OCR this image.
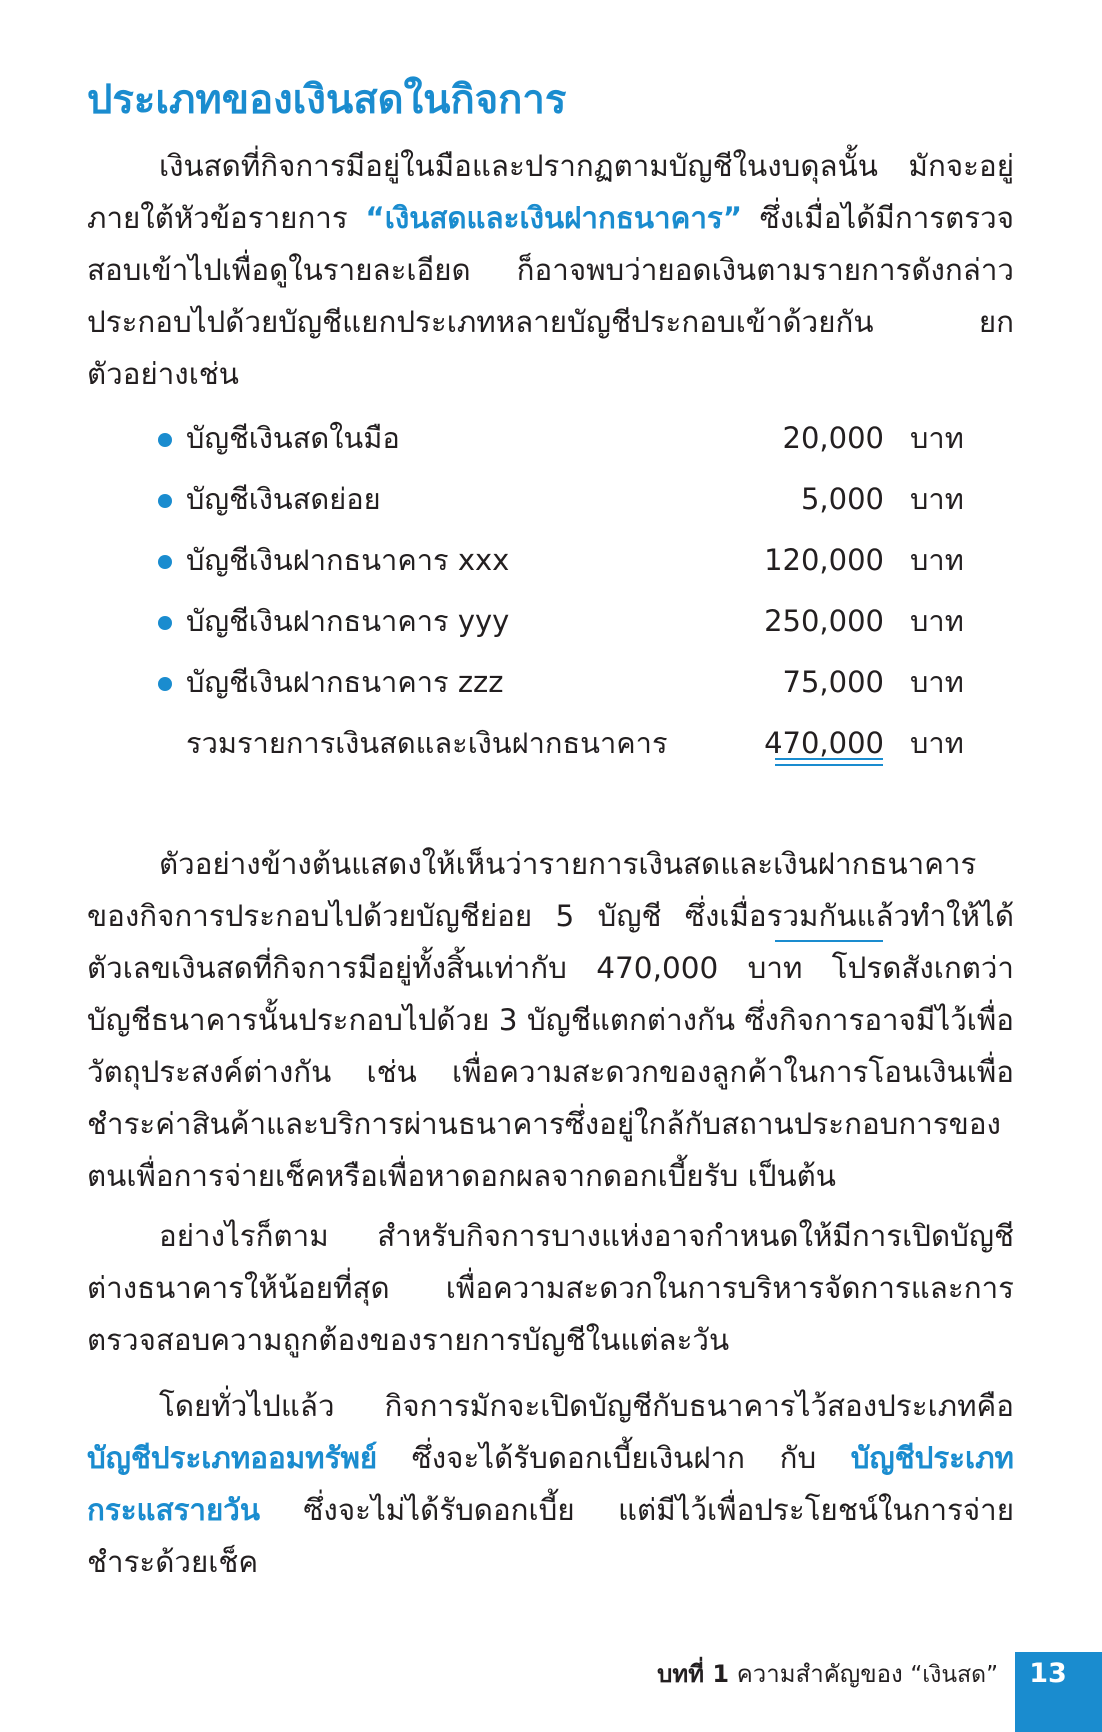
ประเภทของเงินสดในกิจการ

เงินสดที่กิจการมีอยู่ในมือและปรากฏตามบัญชีในงบดุลนั้น มักจะอยู่ภายใต้หัวข้อรายการ “เงินสดและเงินฝากธนาคาร” ซึ่งเมื่อได้มีการตรวจสอบเข้าไปเพื่อดูในรายละเอียด ก็อาจพบว่ายอดเงินตามรายการดังกล่าวประกอบไปด้วยบัญชีแยกประเภทหลายบัญชีประกอบเข้าด้วยกัน ยกตัวอย่างเช่น

บัญชีเงินสดในมือ	20,000 บาท
บัญชีเงินสดย่อย	5,000 บาท
บัญชีเงินฝากธนาคาร xxx	120,000 บาท
บัญชีเงินฝากธนาคาร yyy	250,000 บาท
บัญชีเงินฝากธนาคาร zzz	75,000 บาท
รวมรายการเงินสดและเงินฝากธนาคาร	470,000 บาท

ตัวอย่างข้างต้นแสดงให้เห็นว่ารายการเงินสดและเงินฝากธนาคารของกิจการประกอบไปด้วยบัญชีย่อย 5 บัญชี ซึ่งเมื่อรวมกันแล้วทำให้ได้ตัวเลขเงินสดที่กิจการมีอยู่ทั้งสิ้นเท่ากับ 470,000 บาท โปรดสังเกตว่าบัญชีธนาคารนั้นประกอบไปด้วย 3 บัญชีแตกต่างกัน ซึ่งกิจการอาจมีไว้เพื่อวัตถุประสงค์ต่างกัน เช่น เพื่อความสะดวกของลูกค้าในการโอนเงินเพื่อชำระค่าสินค้าและบริการผ่านธนาคารซึ่งอยู่ใกล้กับสถานประกอบการของตนเพื่อการจ่ายเช็คหรือเพื่อหาดอกผลจากดอกเบี้ยรับ เป็นต้น

อย่างไรก็ตาม สำหรับกิจการบางแห่งอาจกำหนดให้มีการเปิดบัญชีต่างธนาคารให้น้อยที่สุด เพื่อความสะดวกในการบริหารจัดการและการตรวจสอบความถูกต้องของรายการบัญชีในแต่ละวัน

โดยทั่วไปแล้ว กิจการมักจะเปิดบัญชีกับธนาคารไว้สองประเภทคือ บัญชีประเภทออมทรัพย์ ซึ่งจะได้รับดอกเบี้ยเงินฝาก กับ บัญชีประเภทกระแสรายวัน ซึ่งจะไม่ได้รับดอกเบี้ย แต่มีไว้เพื่อประโยชน์ในการจ่ายชำระด้วยเช็ค

บทที่ 1 ความสำคัญของ “เงินสด”	13
